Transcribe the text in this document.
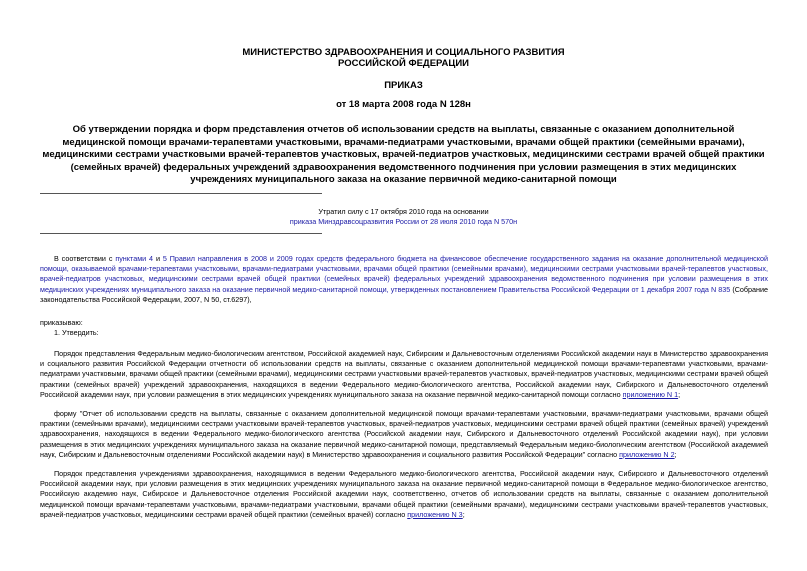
МИНИСТЕРСТВО ЗДРАВООХРАНЕНИЯ И СОЦИАЛЬНОГО РАЗВИТИЯ
РОССИЙСКОЙ ФЕДЕРАЦИИ
ПРИКАЗ
от 18 марта 2008 года N 128н
Об утверждении порядка и форм представления отчетов об использовании средств на выплаты, связанные с оказанием дополнительной медицинской помощи врачами-терапевтами участковыми, врачами-педиатрами участковыми, врачами общей практики (семейными врачами), медицинскими сестрами участковыми врачей-терапевтов участковых, врачей-педиатров участковых, медицинскими сестрами врачей общей практики (семейных врачей) федеральных учреждений здравоохранения ведомственного подчинения при условии размещения в этих медицинских учреждениях муниципального заказа на оказание первичной медико-санитарной помощи
Утратил силу с 17 октября 2010 года на основании
приказа Минздравсоцразвития России от 28 июля 2010 года N 570н
В соответствии с пунктами 4 и 5 Правил направления в 2008 и 2009 годах средств федерального бюджета на финансовое обеспечение государственного задания на оказание дополнительной медицинской помощи, оказываемой врачами-терапевтами участковыми, врачами-педиатрами участковыми, врачами общей практики (семейными врачами), медицинскими сестрами участковыми врачей-терапевтов участковых, врачей-педиатров участковых, медицинскими сестрами врачей общей практики (семейных врачей) федеральных учреждений здравоохранения ведомственного подчинения при условии размещения в этих медицинских учреждениях муниципального заказа на оказание первичной медико-санитарной помощи, утвержденных постановлением Правительства Российской Федерации от 1 декабря 2007 года N 835 (Собрание законодательства Российской Федерации, 2007, N 50, ст.6297),
приказываю:
1. Утвердить:
Порядок представления Федеральным медико-биологическим агентством, Российской академией наук, Сибирским и Дальневосточным отделениями Российской академии наук в Министерство здравоохранения и социального развития Российской Федерации отчетности об использовании средств на выплаты, связанные с оказанием дополнительной медицинской помощи врачами-терапевтами участковыми, врачами-педиатрами участковыми, врачами общей практики (семейными врачами), медицинскими сестрами участковыми врачей-терапевтов участковых, врачей-педиатров участковых, медицинскими сестрами врачей общей практики (семейных врачей) учреждений здравоохранения, находящихся в ведении Федерального медико-биологического агентства, Российской академии наук, Сибирского и Дальневосточного отделений Российской академии наук, при условии размещения в этих медицинских учреждениях муниципального заказа на оказание первичной медико-санитарной помощи согласно приложению N 1;
форму "Отчет об использовании средств на выплаты, связанные с оказанием дополнительной медицинской помощи врачами-терапевтами участковыми, врачами-педиатрами участковыми, врачами общей практики (семейными врачами), медицинскими сестрами участковыми врачей-терапевтов участковых, врачей-педиатров участковых, медицинскими сестрами врачей общей практики (семейных врачей) учреждений здравоохранения, находящихся в ведении Федерального медико-биологического агентства (Российской академии наук, Сибирского и Дальневосточного отделений Российской академии наук), при условии размещения в этих медицинских учреждениях муниципального заказа на оказание первичной медико-санитарной помощи, представляемый Федеральным медико-биологическим агентством (Российской академией наук, Сибирским и Дальневосточным отделениями Российской академии наук) в Министерство здравоохранения и социального развития Российской Федерации" согласно приложению N 2;
Порядок представления учреждениями здравоохранения, находящимися в ведении Федерального медико-биологического агентства, Российской академии наук, Сибирского и Дальневосточного отделений Российской академии наук, при условии размещения в этих медицинских учреждениях муниципального заказа на оказание первичной медико-санитарной помощи в Федеральное медико-биологическое агентство, Российскую академию наук, Сибирское и Дальневосточное отделения Российской академии наук, соответственно, отчетов об использовании средств на выплаты, связанные с оказанием дополнительной медицинской помощи врачами-терапевтами участковыми, врачами-педиатрами участковыми, врачами общей практики (семейными врачами), медицинскими сестрами участковыми врачей-терапевтов участковых, врачей-педиатров участковых, медицинскими сестрами врачей общей практики (семейных врачей) согласно приложению N 3;
